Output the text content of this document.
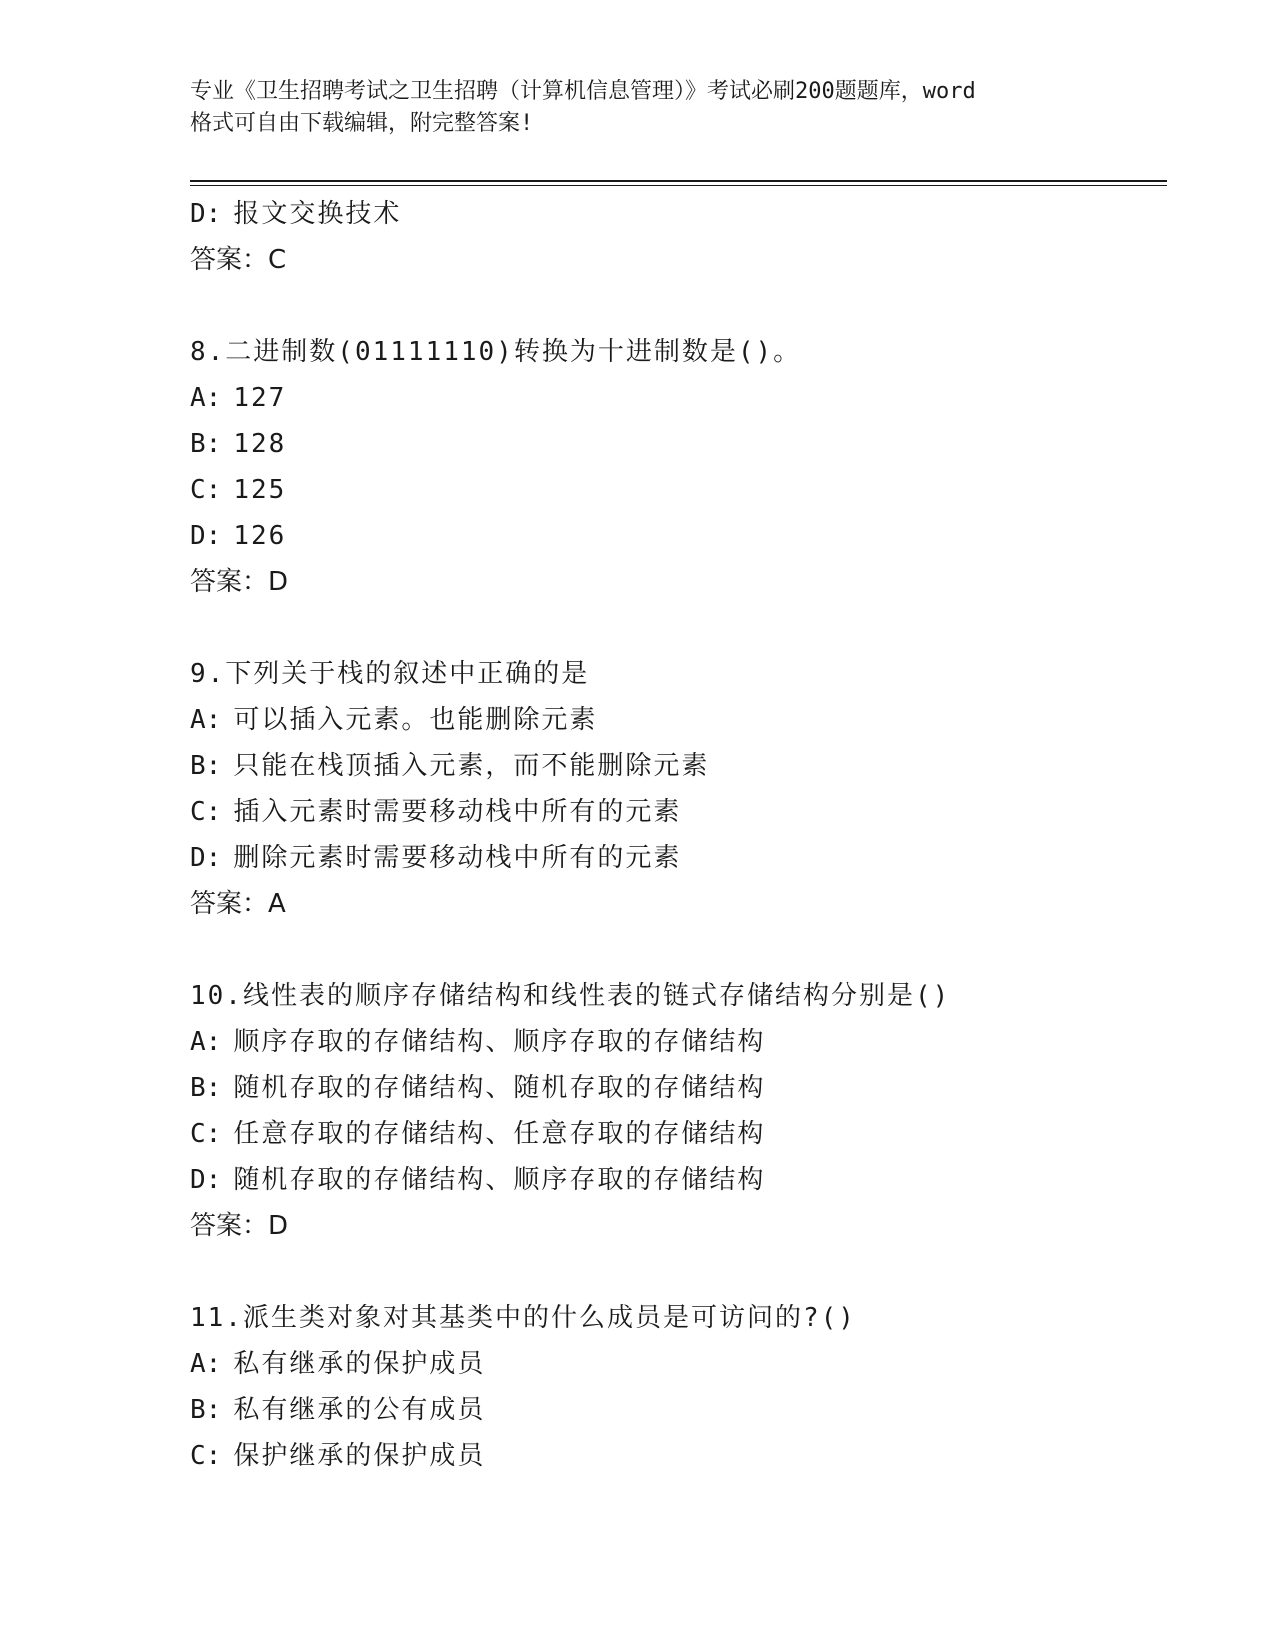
专业《卫生招聘考试之卫生招聘（计算机信息管理）》考试必刷200题题库，word
格式可自由下载编辑，附完整答案!
D: 报文交换技术
答案：C
8.二进制数(01111110)转换为十进制数是()。
A: 127
B: 128
C: 125
D: 126
答案：D
9.下列关于栈的叙述中正确的是
A: 可以插入元素。也能删除元素
B: 只能在栈顶插入元素，而不能删除元素
C: 插入元素时需要移动栈中所有的元素
D: 删除元素时需要移动栈中所有的元素
答案：A
10.线性表的顺序存储结构和线性表的链式存储结构分别是()
A: 顺序存取的存储结构、顺序存取的存储结构
B: 随机存取的存储结构、随机存取的存储结构
C: 任意存取的存储结构、任意存取的存储结构
D: 随机存取的存储结构、顺序存取的存储结构
答案：D
11.派生类对象对其基类中的什么成员是可访问的?()
A: 私有继承的保护成员
B: 私有继承的公有成员
C: 保护继承的保护成员
